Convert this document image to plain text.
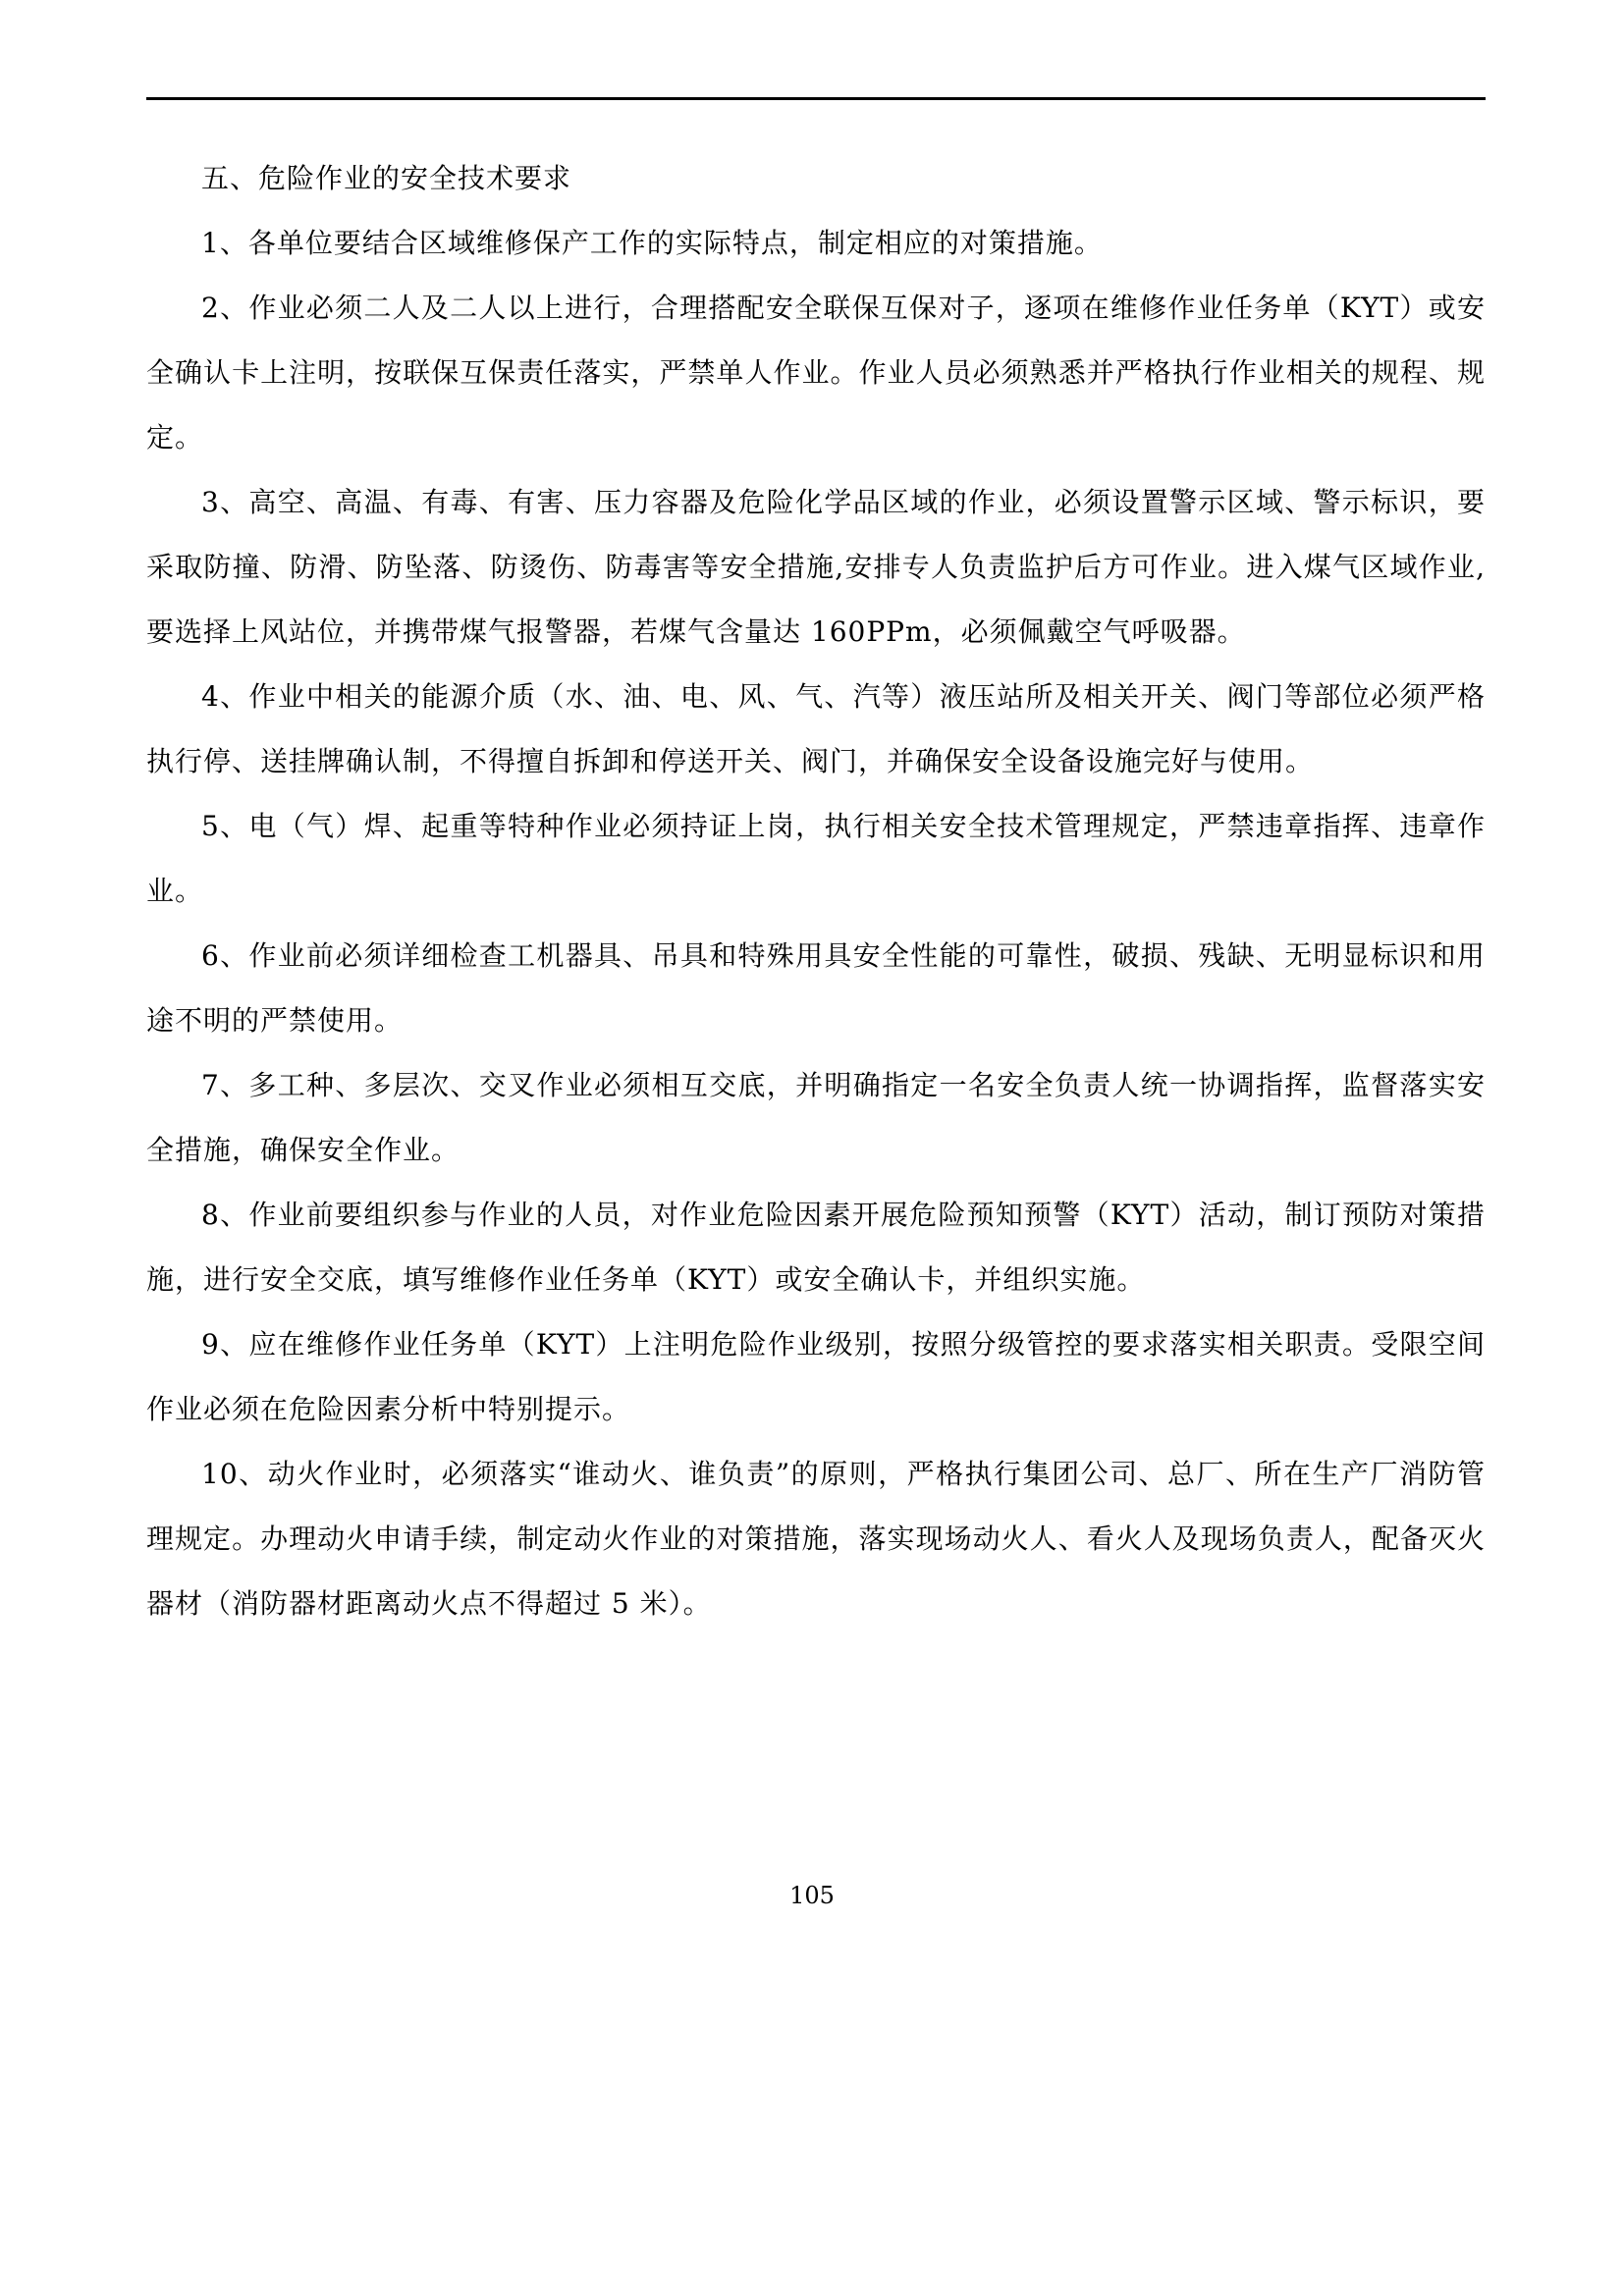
五、危险作业的安全技术要求

1、各单位要结合区域维修保产工作的实际特点，制定相应的对策措施。

2、作业必须二人及二人以上进行，合理搭配安全联保互保对子，逐项在维修作业任务单（KYT）或安全确认卡上注明，按联保互保责任落实，严禁单人作业。作业人员必须熟悉并严格执行作业相关的规程、规定。

3、高空、高温、有毒、有害、压力容器及危险化学品区域的作业，必须设置警示区域、警示标识，要采取防撞、防滑、防坠落、防烫伤、防毒害等安全措施,安排专人负责监护后方可作业。进入煤气区域作业,要选择上风站位，并携带煤气报警器，若煤气含量达 160PPm，必须佩戴空气呼吸器。

4、作业中相关的能源介质（水、油、电、风、气、汽等）液压站所及相关开关、阀门等部位必须严格执行停、送挂牌确认制，不得擅自拆卸和停送开关、阀门，并确保安全设备设施完好与使用。

5、电（气）焊、起重等特种作业必须持证上岗，执行相关安全技术管理规定，严禁违章指挥、违章作业。

6、作业前必须详细检查工机器具、吊具和特殊用具安全性能的可靠性，破损、残缺、无明显标识和用途不明的严禁使用。

7、多工种、多层次、交叉作业必须相互交底，并明确指定一名安全负责人统一协调指挥，监督落实安全措施，确保安全作业。

8、作业前要组织参与作业的人员，对作业危险因素开展危险预知预警（KYT）活动，制订预防对策措施，进行安全交底，填写维修作业任务单（KYT）或安全确认卡，并组织实施。

9、应在维修作业任务单（KYT）上注明危险作业级别，按照分级管控的要求落实相关职责。受限空间作业必须在危险因素分析中特别提示。

10、动火作业时，必须落实“谁动火、谁负责”的原则，严格执行集团公司、总厂、所在生产厂消防管理规定。办理动火申请手续，制定动火作业的对策措施，落实现场动火人、看火人及现场负责人，配备灭火器材（消防器材距离动火点不得超过 5 米）。

105
